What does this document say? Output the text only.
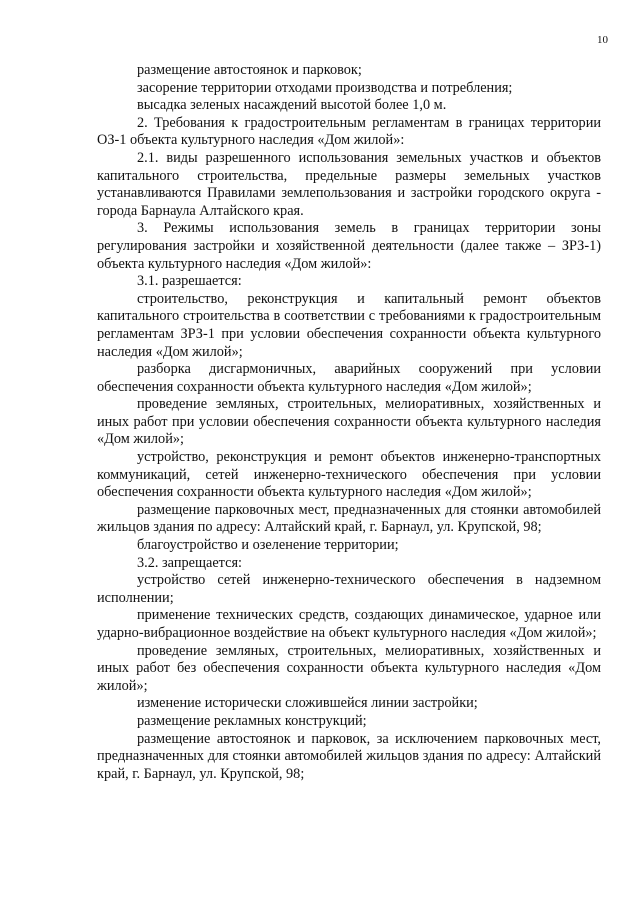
10

размещение автостоянок и парковок;

засорение территории отходами производства и потребления;

высадка зеленых насаждений высотой более 1,0 м.

2. Требования к градостроительным регламентам в границах территории ОЗ-1 объекта культурного наследия «Дом жилой»:

2.1. виды разрешенного использования земельных участков и объектов капитального строительства, предельные размеры земельных участков устанавливаются Правилами землепользования и застройки городского округа - города Барнаула Алтайского края.

3. Режимы использования земель в границах территории зоны регулирования застройки и хозяйственной деятельности (далее также – ЗРЗ-1) объекта культурного наследия «Дом жилой»:

3.1. разрешается:

строительство, реконструкция и капитальный ремонт объектов капитального строительства в соответствии с требованиями к градостроительным регламентам ЗРЗ-1 при условии обеспечения сохранности объекта культурного наследия «Дом жилой»;

разборка дисгармоничных, аварийных сооружений при условии обеспечения сохранности объекта культурного наследия «Дом жилой»;

проведение земляных, строительных, мелиоративных, хозяйственных и иных работ при условии обеспечения сохранности объекта культурного наследия «Дом жилой»;

устройство, реконструкция и ремонт объектов инженерно-транспортных коммуникаций, сетей инженерно-технического обеспечения при условии обеспечения сохранности объекта культурного наследия «Дом жилой»;

размещение парковочных мест, предназначенных для стоянки автомобилей жильцов здания по адресу: Алтайский край, г. Барнаул, ул. Крупской, 98;

благоустройство и озеленение территории;

3.2. запрещается:

устройство сетей инженерно-технического обеспечения в надземном исполнении;

применение технических средств, создающих динамическое, ударное или ударно-вибрационное воздействие на объект культурного наследия «Дом жилой»;

проведение земляных, строительных, мелиоративных, хозяйственных и иных работ без обеспечения сохранности объекта культурного наследия «Дом жилой»;

изменение исторически сложившейся линии застройки;

размещение рекламных конструкций;

размещение автостоянок и парковок, за исключением парковочных мест, предназначенных для стоянки автомобилей жильцов здания по адресу: Алтайский край, г. Барнаул, ул. Крупской, 98;
